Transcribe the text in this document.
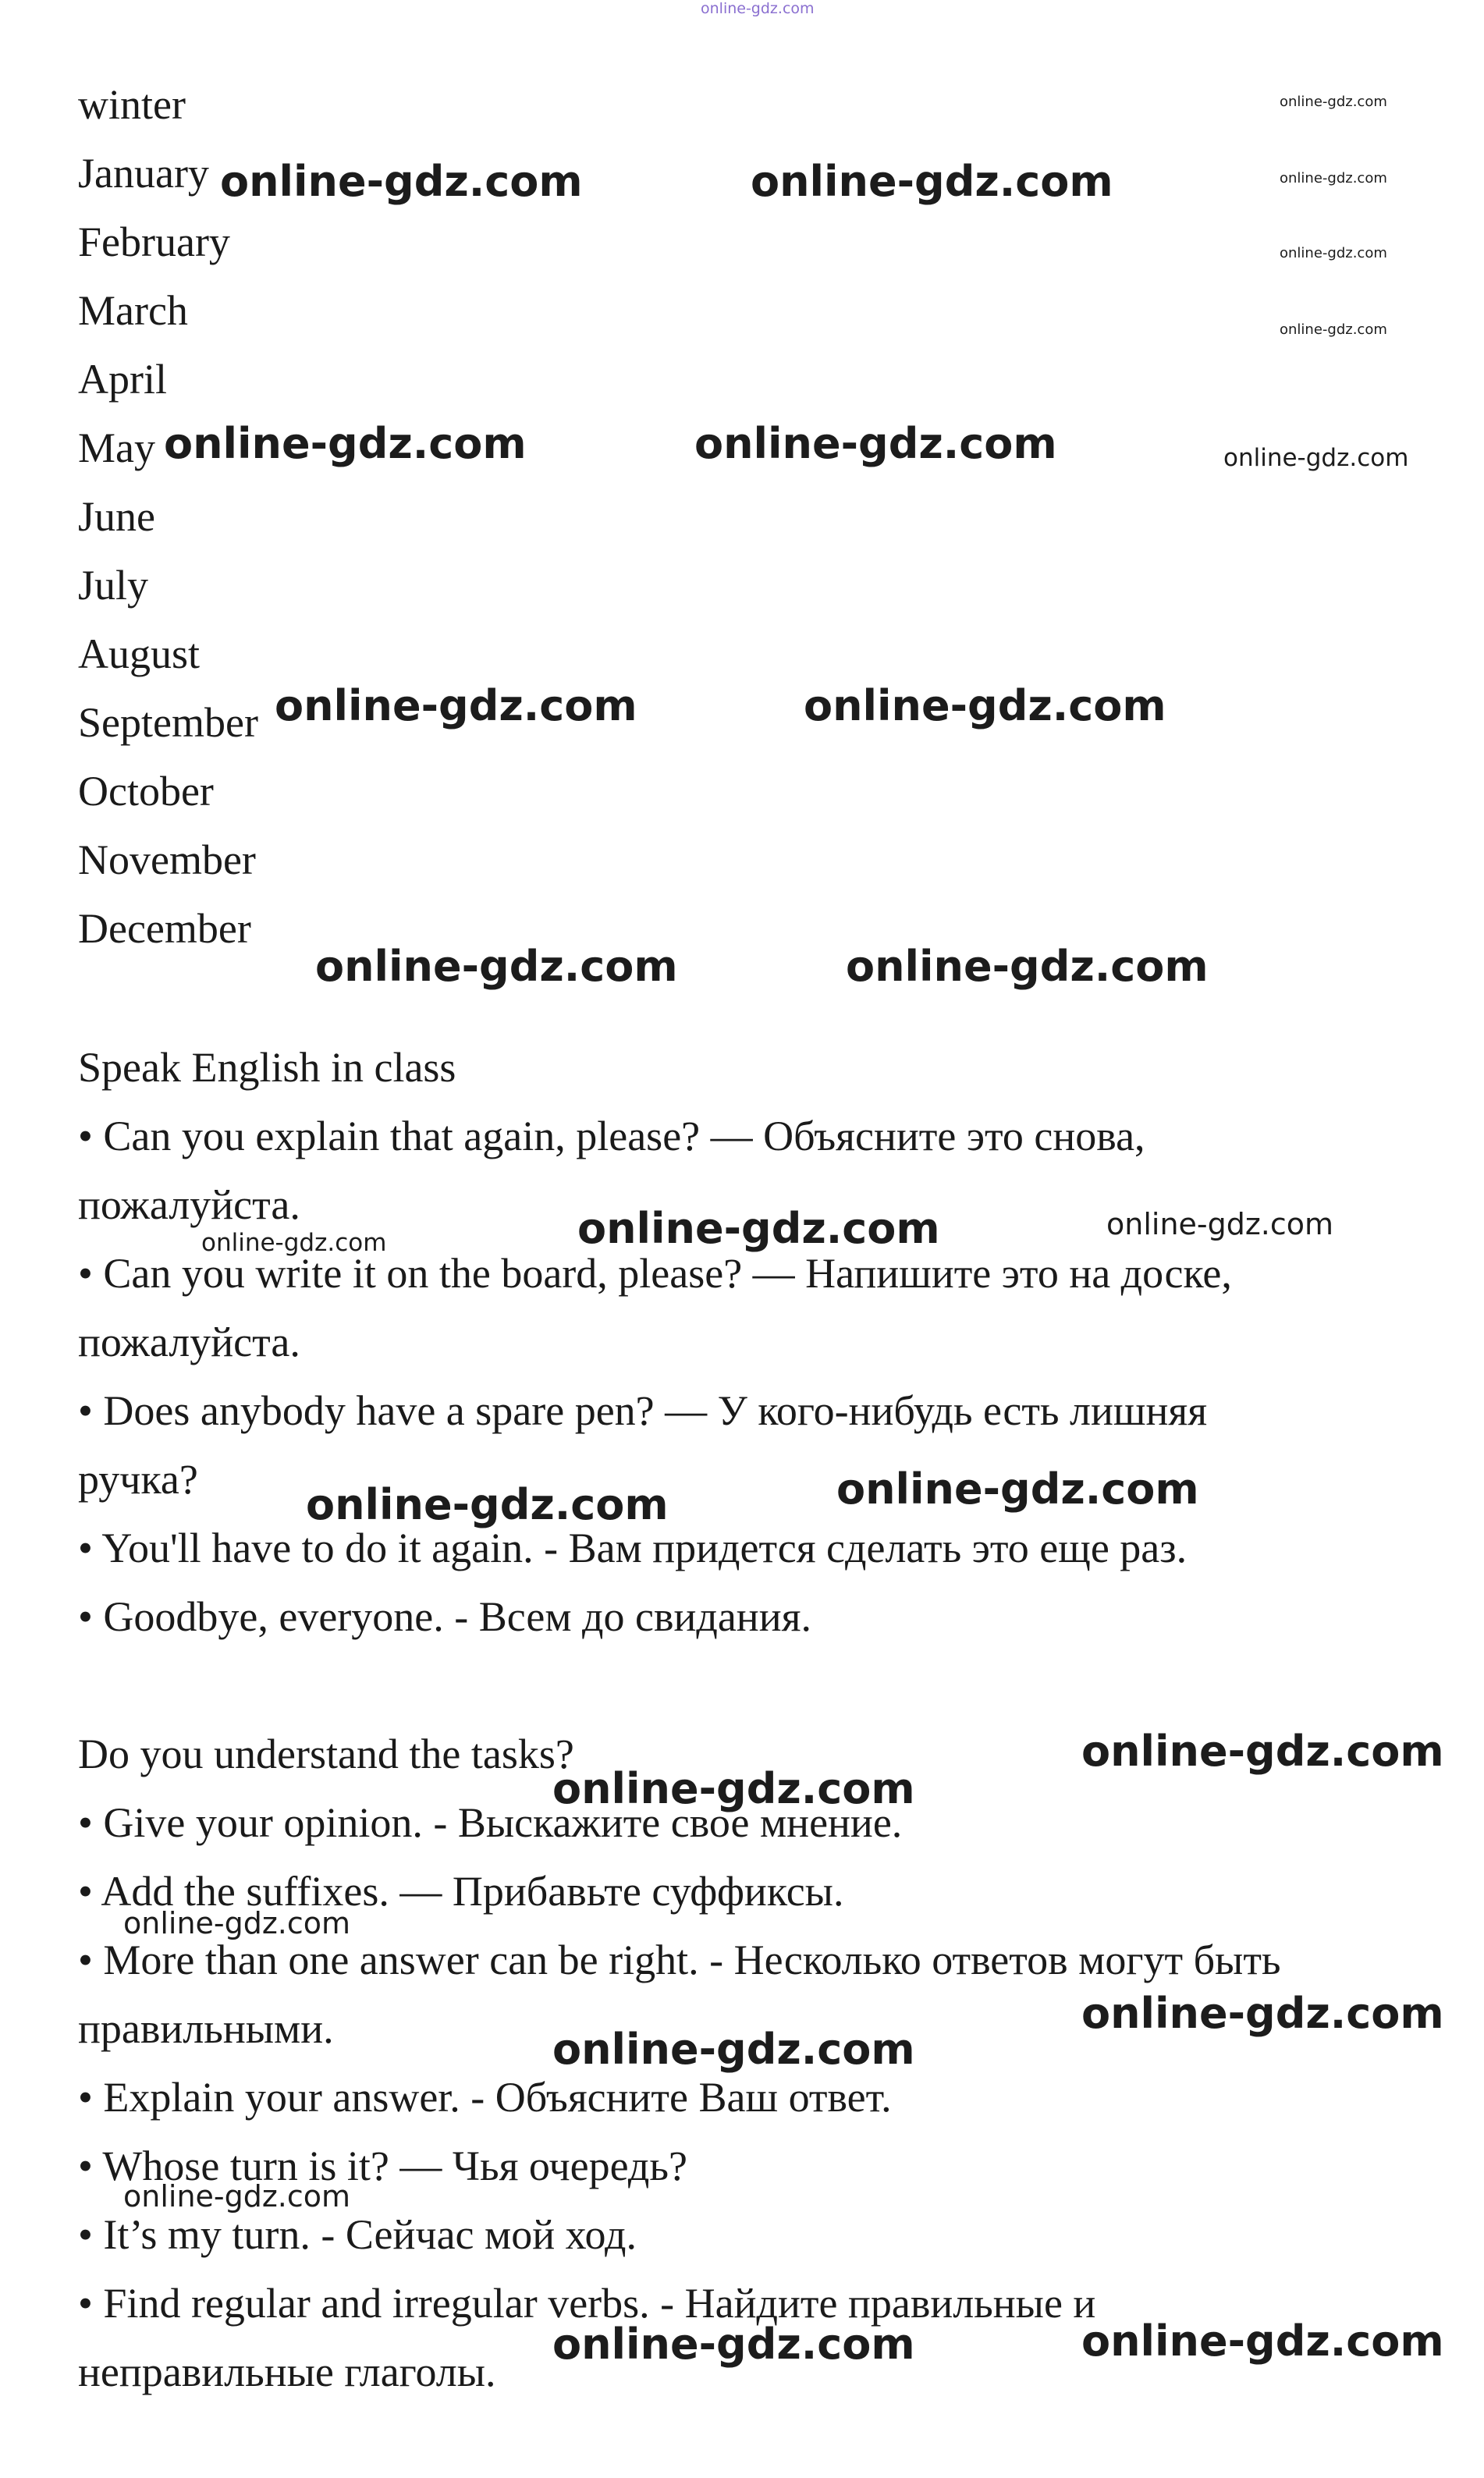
online-gdz.com
winter
January
February
March
April
May
June
July
August
September
October
November
December
Speak English in class
• Can you explain that again, please? — Объясните это снова,
пожалуйста.
• Can you write it on the board, please? — Напишите это на доске,
пожалуйста.
• Does anybody have a spare pen? — У кого-нибудь есть лишняя
ручка?
• You'll have to do it again. - Вам придется сделать это еще раз.
• Goodbye, everyone. - Всем до свидания.
Do you understand the tasks?
• Give your opinion. - Выскажите свое мнение.
• Add the suffixes. — Прибавьте суффиксы.
• More than one answer can be right. - Несколько ответов могут быть
правильными.
• Explain your answer. - Объясните Ваш ответ.
• Whose turn is it? — Чья очередь?
• It’s my turn. - Сейчас мой ход.
• Find regular and irregular verbs. - Найдите правильные и
неправильные глаголы.
online-gdz.com
online-gdz.com
online-gdz.com
online-gdz.com
online-gdz.com	online-gdz.com
online-gdz.com	online-gdz.com	online-gdz.com
online-gdz.com	online-gdz.com
online-gdz.com	online-gdz.com
online-gdz.com	online-gdz.com	online-gdz.com
online-gdz.com	online-gdz.com
online-gdz.com
online-gdz.com
online-gdz.com
online-gdz.com
online-gdz.com
online-gdz.com
online-gdz.com	online-gdz.com
